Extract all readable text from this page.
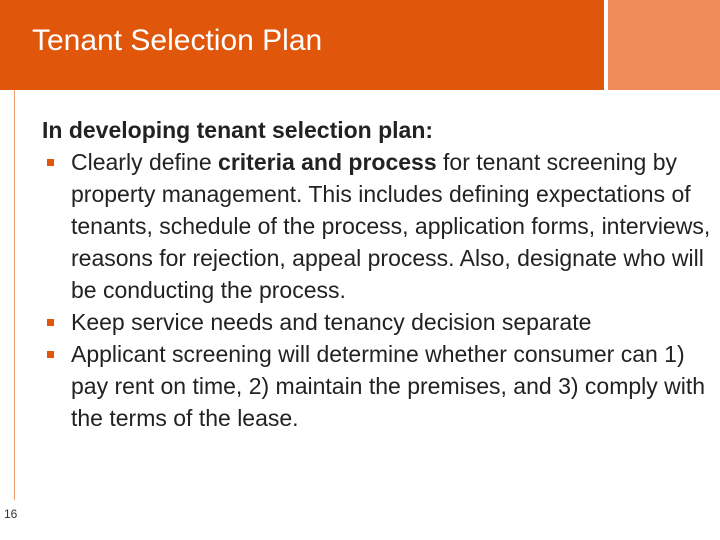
Tenant Selection Plan
In developing tenant selection plan:
Clearly define criteria and process for tenant screening by property management. This includes defining expectations of tenants, schedule of the process, application forms, interviews, reasons for rejection, appeal process. Also, designate who will be conducting the process.
Keep service needs and tenancy decision separate
Applicant screening will determine whether consumer can 1) pay rent on time, 2) maintain the premises, and 3) comply with the terms of the lease.
16
